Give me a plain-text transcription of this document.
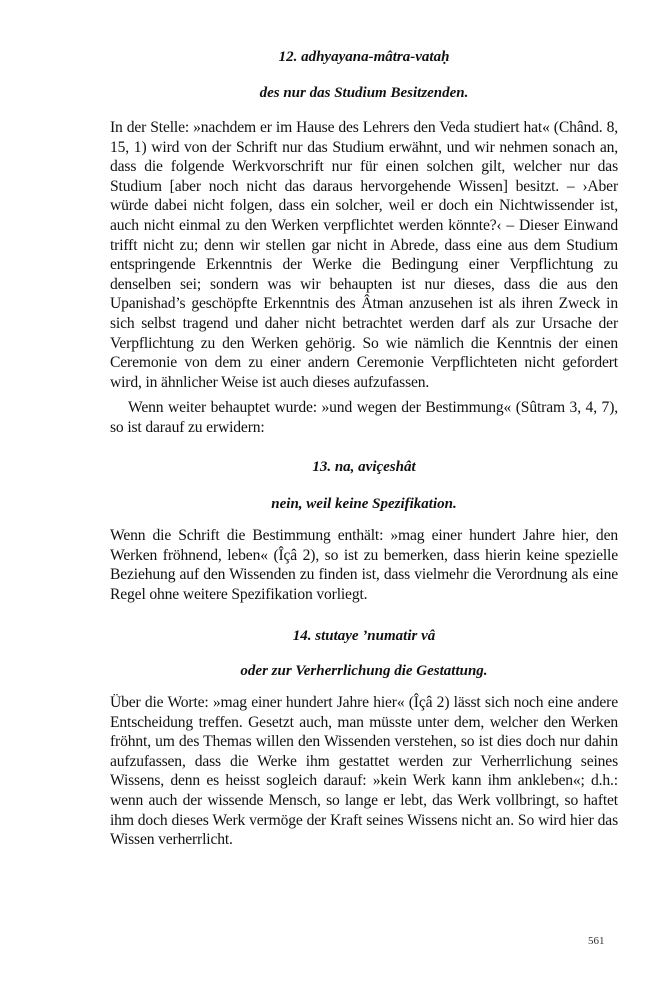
12. adhyayana-mâtra-vataḥ

des nur das Studium Besitzenden.

In der Stelle: »nachdem er im Hause des Lehrers den Veda studiert hat« (Chând. 8, 15, 1) wird von der Schrift nur das Studium erwähnt, und wir nehmen sonach an, dass die folgende Werkvorschrift nur für einen solchen gilt, welcher nur das Studium [aber noch nicht das daraus hervorgehende Wissen] besitzt. – ›Aber würde dabei nicht folgen, dass ein solcher, weil er doch ein Nichtwissender ist, auch nicht einmal zu den Werken verpflichtet werden könnte?‹ – Dieser Einwand trifft nicht zu; denn wir stellen gar nicht in Abrede, dass eine aus dem Studium entspringende Erkenntnis der Werke die Bedingung einer Verpflichtung zu denselben sei; sondern was wir behaupten ist nur dieses, dass die aus den Upanishad’s geschöpfte Erkenntnis des Âtman anzusehen ist als ihren Zweck in sich selbst tragend und daher nicht betrachtet werden darf als zur Ursache der Verpflichtung zu den Werken gehörig. So wie nämlich die Kenntnis der einen Ceremonie von dem zu einer andern Ceremonie Verpflichteten nicht gefordert wird, in ähnlicher Weise ist auch dieses aufzufassen.

Wenn weiter behauptet wurde: »und wegen der Bestimmung« (Sûtram 3, 4, 7), so ist darauf zu erwidern:

13. na, aviçeshât

nein, weil keine Spezifikation.

Wenn die Schrift die Bestimmung enthält: »mag einer hundert Jahre hier, den Werken fröhnend, leben« (Îçâ 2), so ist zu bemerken, dass hierin keine spezielle Beziehung auf den Wissenden zu finden ist, dass vielmehr die Verordnung als eine Regel ohne weitere Spezifikation vorliegt.

14. stutaye ’numatir vâ

oder zur Verherrlichung die Gestattung.

Über die Worte: »mag einer hundert Jahre hier« (Îçâ 2) lässt sich noch eine andere Entscheidung treffen. Gesetzt auch, man müsste unter dem, welcher den Werken fröhnt, um des Themas willen den Wissenden verstehen, so ist dies doch nur dahin aufzufassen, dass die Werke ihm gestattet werden zur Verherrlichung seines Wissens, denn es heisst sogleich darauf: »kein Werk kann ihm ankleben«; d.h.: wenn auch der wissende Mensch, so lange er lebt, das Werk vollbringt, so haftet ihm doch dieses Werk vermöge der Kraft seines Wissens nicht an. So wird hier das Wissen verherrlicht.

561
